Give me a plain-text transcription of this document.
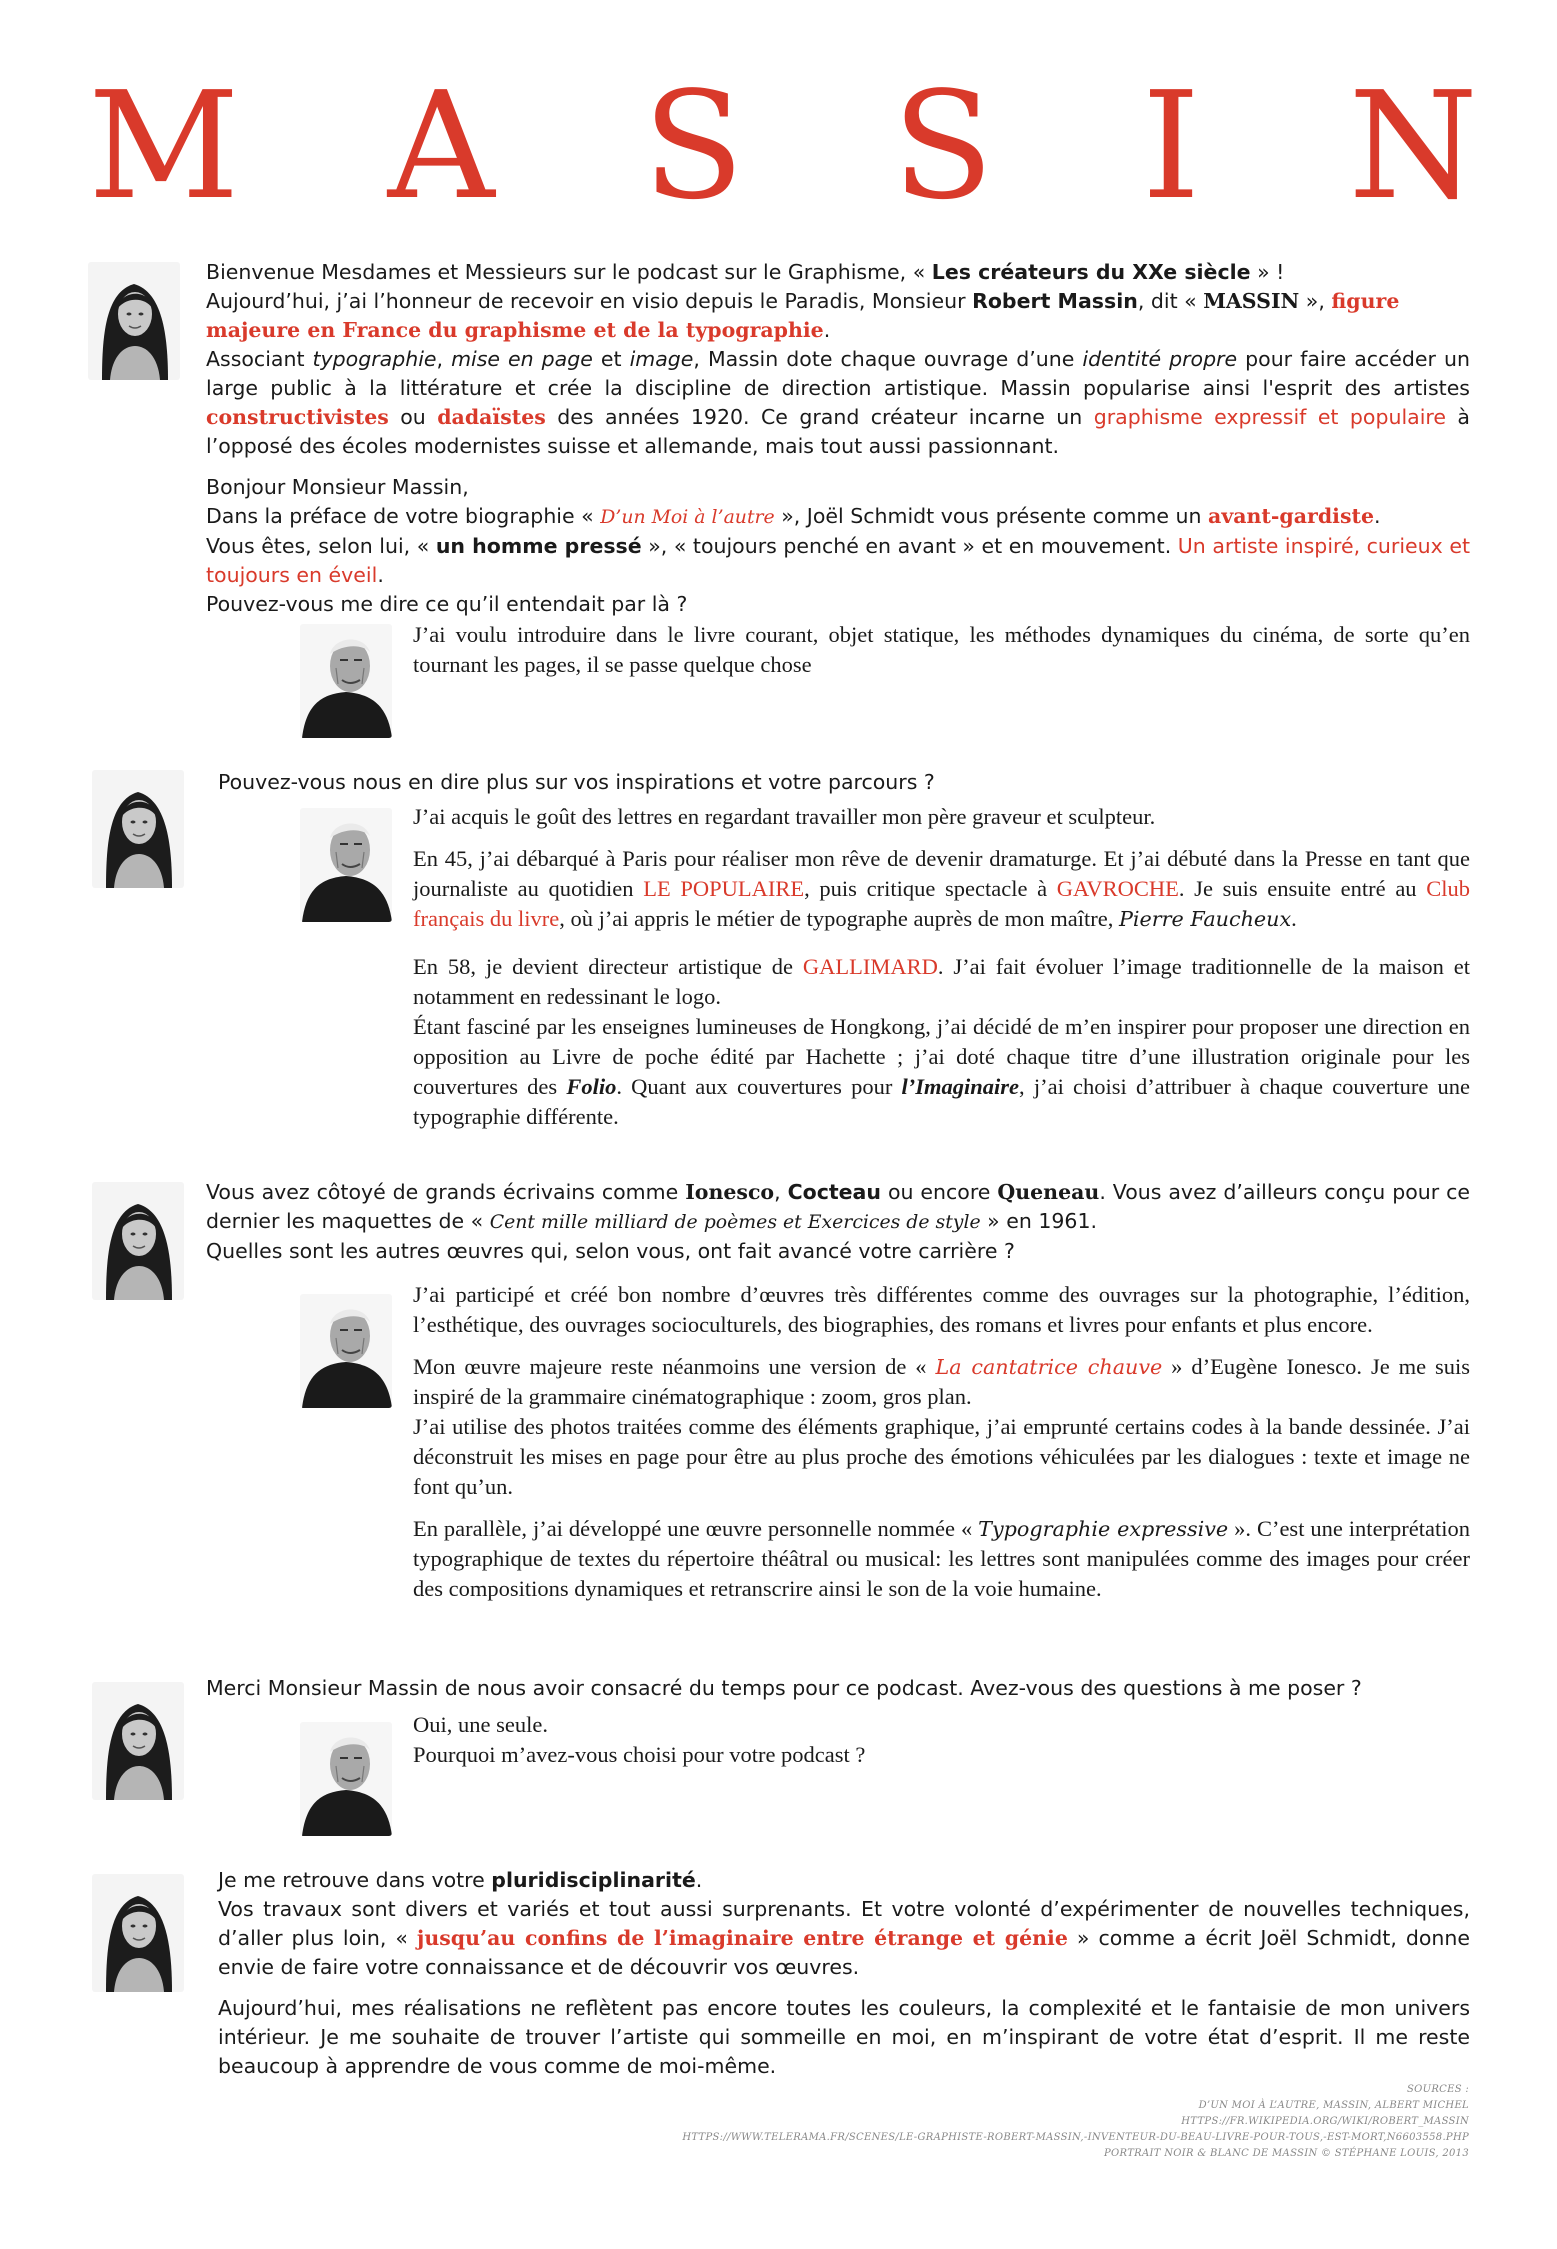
M A S S I N

Bienvenue Mesdames et Messieurs sur le podcast sur le Graphisme, « Les créateurs du XXe siècle » !

Aujourd’hui, j’ai l’honneur de recevoir en visio depuis le Paradis, Monsieur Robert Massin, dit « MASSIN », figure majeure en France du graphisme et de la typographie.

Associant typographie, mise en page et image, Massin dote chaque ouvrage d’une identité propre pour faire accéder un large public à la littérature et crée la discipline de direction artistique. Massin popularise ainsi l'esprit des artistes constructivistes ou dadaïstes des années 1920. Ce grand créateur incarne un graphisme expressif et populaire à l’opposé des écoles modernistes suisse et allemande, mais tout aussi passionnant.

Bonjour Monsieur Massin,

Dans la préface de votre biographie « D’un Moi à l’autre », Joël Schmidt vous présente comme un avant-gardiste.

Vous êtes, selon lui, « un homme pressé », « toujours penché en avant » et en mouvement. Un artiste inspiré, curieux et toujours en éveil.

Pouvez-vous me dire ce qu’il entendait par là ?

J’ai voulu introduire dans le livre courant, objet statique, les méthodes dynamiques du cinéma, de sorte qu’en tournant les pages, il se passe quelque chose

Pouvez-vous nous en dire plus sur vos inspirations et votre parcours ?

J’ai acquis le goût des lettres en regardant travailler mon père graveur et sculpteur.

En 45, j’ai débarqué à Paris pour réaliser mon rêve de devenir dramaturge. Et j’ai débuté dans la Presse en tant que journaliste au quotidien LE POPULAIRE, puis critique spectacle à GAVROCHE. Je suis ensuite entré au Club français du livre, où j’ai appris le métier de typographe auprès de mon maître, Pierre Faucheux.

En 58, je devient directeur artistique de GALLIMARD. J’ai fait évoluer l’image traditionnelle de la maison et notamment en redessinant le logo.

Étant fasciné par les enseignes lumineuses de Hongkong, j’ai décidé de m’en inspirer pour proposer une direction en opposition au Livre de poche édité par Hachette ; j’ai doté chaque titre d’une illustration originale pour les couvertures des Folio. Quant aux couvertures pour l’Imaginaire, j’ai choisi d’attribuer à chaque couverture une typographie différente.

Vous avez côtoyé de grands écrivains comme Ionesco, Cocteau ou encore Queneau. Vous avez d’ailleurs conçu pour ce dernier les maquettes de « Cent mille milliard de poèmes et Exercices de style » en 1961.

Quelles sont les autres œuvres qui, selon vous, ont fait avancé votre carrière ?

J’ai participé et créé bon nombre d’œuvres très différentes comme des ouvrages sur la photographie, l’édition, l’esthétique, des ouvrages socioculturels, des biographies, des romans et livres pour enfants et plus encore.

Mon œuvre majeure reste néanmoins une version de « La cantatrice chauve » d’Eugène Ionesco. Je me suis inspiré de la grammaire cinématographique : zoom, gros plan.

J’ai utilise des photos traitées comme des éléments graphique, j’ai emprunté certains codes à la bande dessinée. J’ai déconstruit les mises en page pour être au plus proche des émotions véhiculées par les dialogues : texte et image ne font qu’un.

En parallèle, j’ai développé une œuvre personnelle nommée « Typographie expressive ». C’est une interprétation typographique de textes du répertoire théâtral ou musical: les lettres sont manipulées comme des images pour créer des compositions dynamiques et retranscrire ainsi le son de la voie humaine.

Merci Monsieur Massin de nous avoir consacré du temps pour ce podcast. Avez-vous des questions à me poser ?

Oui, une seule.

Pourquoi m’avez-vous choisi pour votre podcast ?

Je me retrouve dans votre pluridisciplinarité.

Vos travaux sont divers et variés et tout aussi surprenants. Et votre volonté d’expérimenter de nouvelles techniques, d’aller plus loin, « jusqu’au confins de l’imaginaire entre étrange et génie » comme a écrit Joël Schmidt, donne envie de faire votre connaissance et de découvrir vos œuvres.

Aujourd’hui, mes réalisations ne reflètent pas encore toutes les couleurs, la complexité et le fantaisie de mon univers intérieur. Je me souhaite de trouver l’artiste qui sommeille en moi, en m’inspirant de votre état d’esprit. Il me reste beaucoup à apprendre de vous comme de moi-même.

SOURCES :
D’UN MOI À L’AUTRE, MASSIN, ALBERT MICHEL
HTTPS://FR.WIKIPEDIA.ORG/WIKI/ROBERT_MASSIN
HTTPS://WWW.TELERAMA.FR/SCENES/LE-GRAPHISTE-ROBERT-MASSIN,-INVENTEUR-DU-BEAU-LIVRE-POUR-TOUS,-EST-MORT,N6603558.PHP
PORTRAIT NOIR & BLANC DE MASSIN © STÉPHANE LOUIS, 2013
